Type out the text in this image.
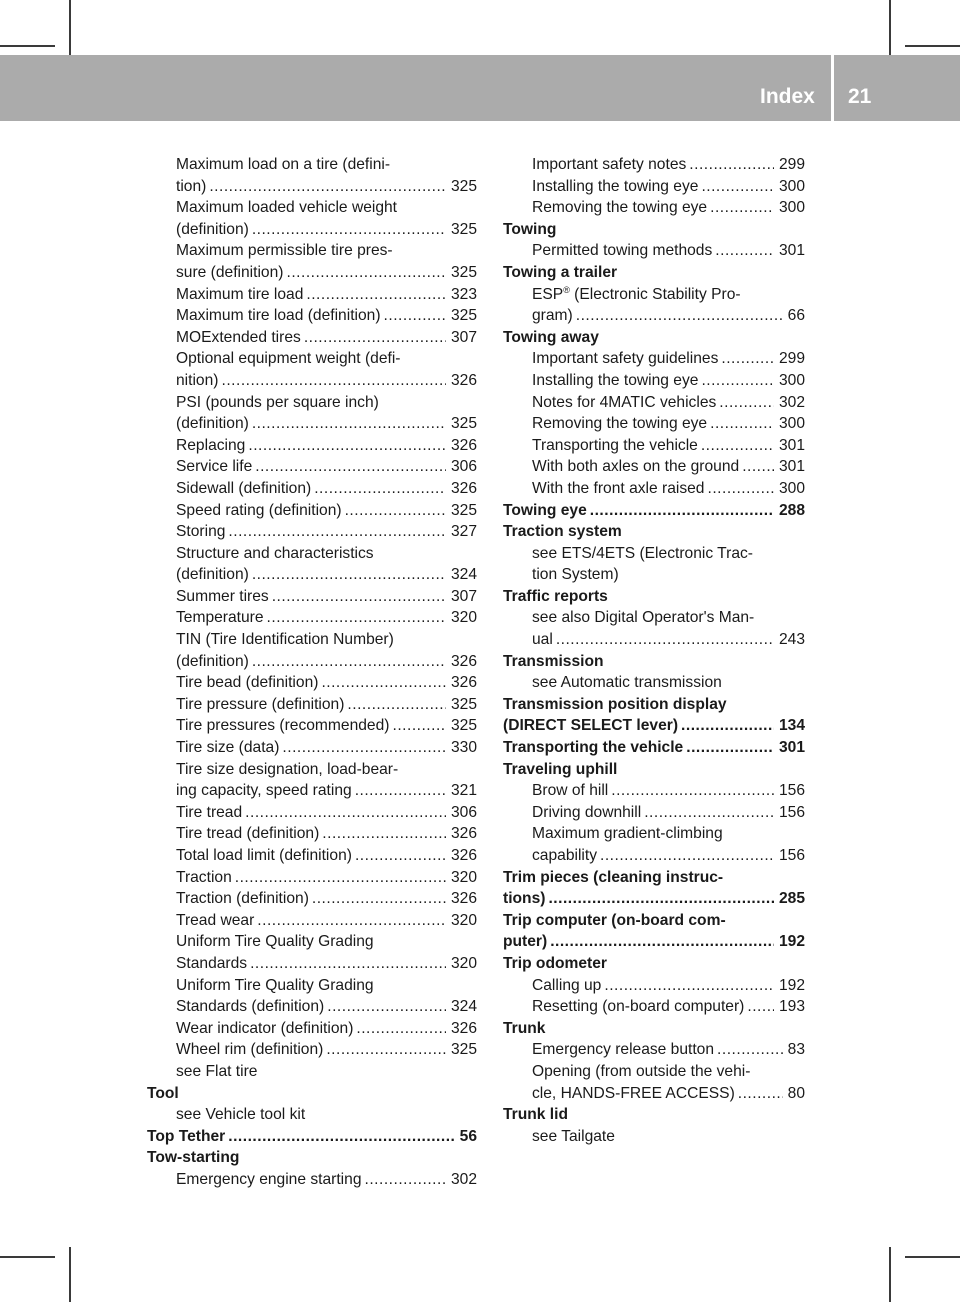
Index 21
Maximum load on a tire (defini-
tion) .....	325
Maximum loaded vehicle weight
(definition) .....	325
Maximum permissible tire pres-
sure (definition) .....	325
Maximum tire load .....	323
Maximum tire load (definition) .....	325
MOExtended tires .....	307
Optional equipment weight (defi-
nition) .....	326
PSI (pounds per square inch)
(definition) .....	325
Replacing .....	326
Service life .....	306
Sidewall (definition) .....	326
Speed rating (definition) .....	325
Storing .....	327
Structure and characteristics
(definition) .....	324
Summer tires .....	307
Temperature .....	320
TIN (Tire Identification Number)
(definition) .....	326
Tire bead (definition) .....	326
Tire pressure (definition) .....	325
Tire pressures (recommended) .....	325
Tire size (data) .....	330
Tire size designation, load-bear-
ing capacity, speed rating .....	321
Tire tread .....	306
Tire tread (definition) .....	326
Total load limit (definition) .....	326
Traction .....	320
Traction (definition) .....	326
Tread wear .....	320
Uniform Tire Quality Grading
Standards .....	320
Uniform Tire Quality Grading
Standards (definition) .....	324
Wear indicator (definition) .....	326
Wheel rim (definition) .....	325
see Flat tire
Tool
see Vehicle tool kit
Top Tether .....	56
Tow-starting
Emergency engine starting .....	302
Important safety notes .....	299
Installing the towing eye .....	300
Removing the towing eye .....	300
Towing
Permitted towing methods .....	301
Towing a trailer
ESP® (Electronic Stability Pro-
gram) .....	66
Towing away
Important safety guidelines .....	299
Installing the towing eye .....	300
Notes for 4MATIC vehicles .....	302
Removing the towing eye .....	300
Transporting the vehicle .....	301
With both axles on the ground .....	301
With the front axle raised .....	300
Towing eye .....	288
Traction system
see ETS/4ETS (Electronic Trac-
tion System)
Traffic reports
see also Digital Operator's Man-
ual .....	243
Transmission
see Automatic transmission
Transmission position display
(DIRECT SELECT lever) .....	134
Transporting the vehicle .....	301
Traveling uphill
Brow of hill .....	156
Driving downhill .....	156
Maximum gradient-climbing
capability .....	156
Trim pieces (cleaning instruc-
tions) .....	285
Trip computer (on-board com-
puter) .....	192
Trip odometer
Calling up .....	192
Resetting (on-board computer) ..... 193
Trunk
Emergency release button .....	83
Opening (from outside the vehi-
cle, HANDS-FREE ACCESS) .....	80
Trunk lid
see Tailgate
